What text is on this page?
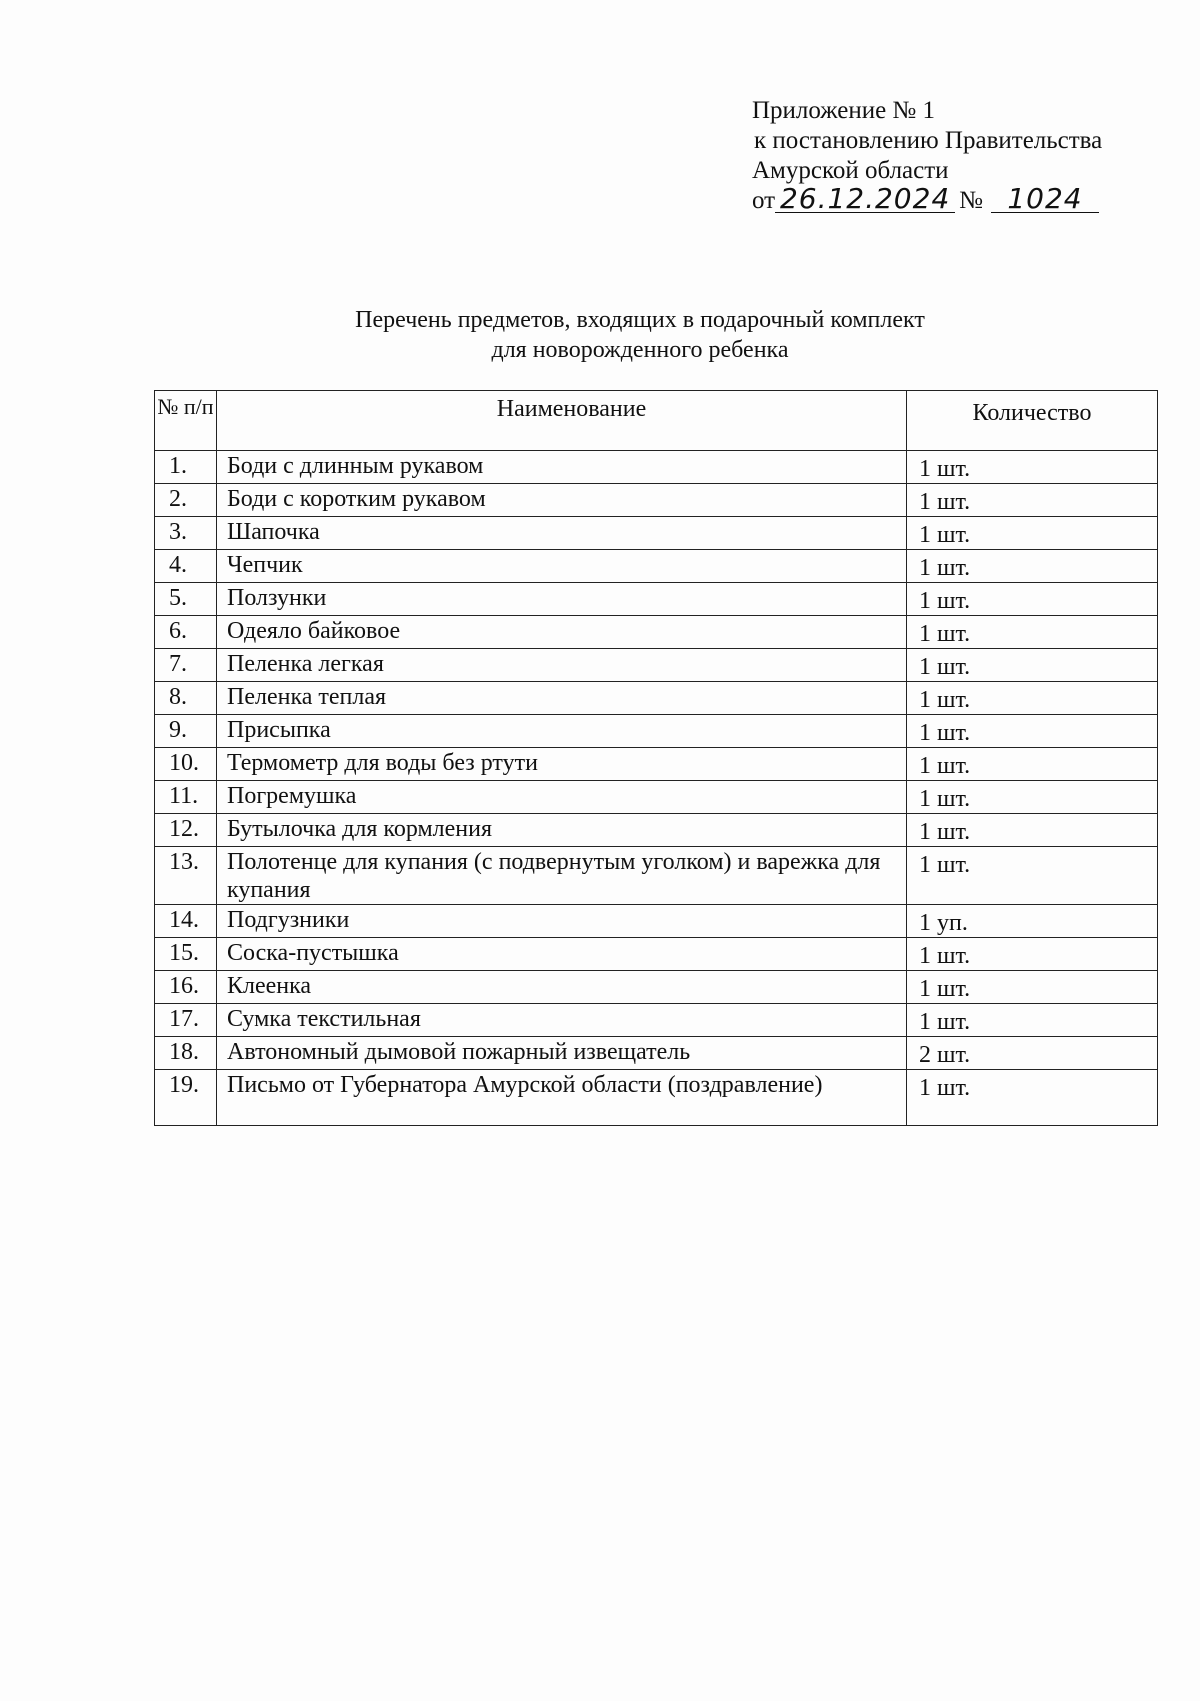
Приложение № 1
к постановлению Правительства
Амурской области
от 26.12.2024 № 1024
Перечень предметов, входящих в подарочный комплект
для новорожденного ребенка
№ п/п	Наименование	Количество
1.	Боди с длинным рукавом	1 шт.
2.	Боди с коротким рукавом	1 шт.
3.	Шапочка	1 шт.
4.	Чепчик	1 шт.
5.	Ползунки	1 шт.
6.	Одеяло байковое	1 шт.
7.	Пеленка легкая	1 шт.
8.	Пеленка теплая	1 шт.
9.	Присыпка	1 шт.
10.	Термометр для воды без ртути	1 шт.
11.	Погремушка	1 шт.
12.	Бутылочка для кормления	1 шт.
13.	Полотенце для купания (с подвернутым уголком) и варежка для купания	1 шт.
14.	Подгузники	1 уп.
15.	Соска-пустышка	1 шт.
16.	Клеенка	1 шт.
17.	Сумка текстильная	1 шт.
18.	Автономный дымовой пожарный извещатель	2 шт.
19.	Письмо от Губернатора Амурской области (поздравление)	1 шт.
